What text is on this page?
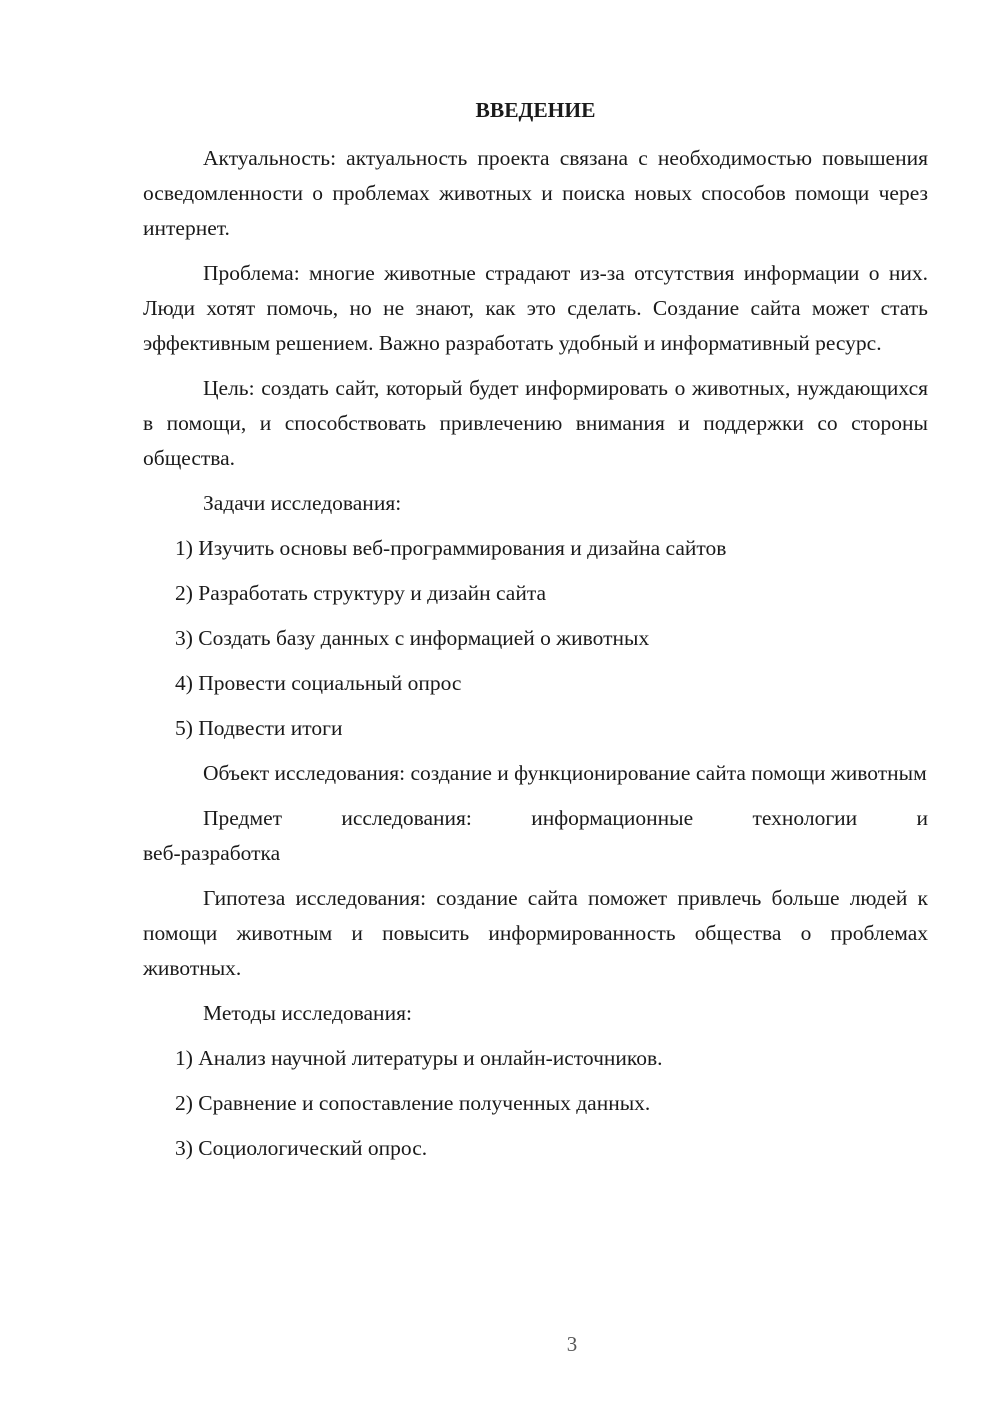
ВВЕДЕНИЕ

Актуальность: актуальность проекта связана с необходимостью повышения осведомленности о проблемах животных и поиска новых способов помощи через интернет.

Проблема: многие животные страдают из-за отсутствия информации о них. Люди хотят помочь, но не знают, как это сделать. Создание сайта может стать эффективным решением. Важно разработать удобный и информативный ресурс.

Цель: создать сайт, который будет информировать о животных, нуждающихся в помощи, и способствовать привлечению внимания и поддержки со стороны общества.

Задачи исследования:

1) Изучить основы веб-программирования и дизайна сайтов
2) Разработать структуру и дизайн сайта
3) Создать базу данных с информацией о животных
4) Провести социальный опрос
5) Подвести итоги

Объект исследования: создание и функционирование сайта помощи животным

Предмет исследования: информационные технологии и

веб-разработка

Гипотеза исследования: создание сайта поможет привлечь больше людей к помощи животным и повысить информированность общества о проблемах животных.

Методы исследования:

1) Анализ научной литературы и онлайн-источников.
2) Сравнение и сопоставление полученных данных.
3) Социологический опрос.
3
